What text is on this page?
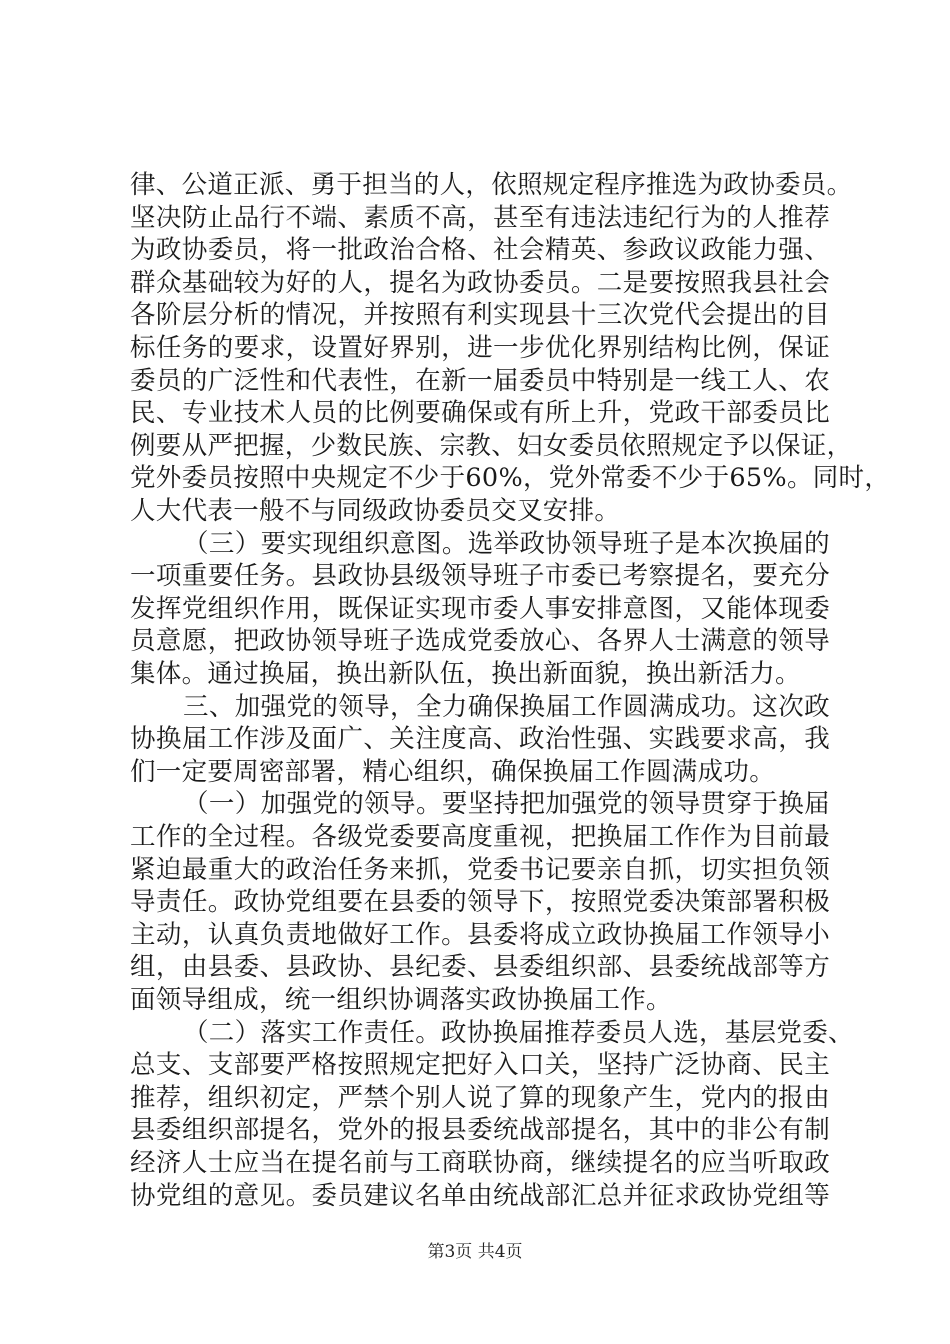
律、公道正派、勇于担当的人，依照规定程序推选为政协委员。
坚决防止品行不端、素质不高，甚至有违法违纪行为的人推荐
为政协委员，将一批政治合格、社会精英、参政议政能力强、
群众基础较为好的人，提名为政协委员。二是要按照我县社会
各阶层分析的情况，并按照有利实现县十三次党代会提出的目
标任务的要求，设置好界别，进一步优化界别结构比例，保证
委员的广泛性和代表性，在新一届委员中特别是一线工人、农
民、专业技术人员的比例要确保或有所上升，党政干部委员比
例要从严把握，少数民族、宗教、妇女委员依照规定予以保证，
党外委员按照中央规定不少于60%，党外常委不少于65%。同时，
人大代表一般不与同级政协委员交叉安排。
（三）要实现组织意图。选举政协领导班子是本次换届的
一项重要任务。县政协县级领导班子市委已考察提名，要充分
发挥党组织作用，既保证实现市委人事安排意图，又能体现委
员意愿，把政协领导班子选成党委放心、各界人士满意的领导
集体。通过换届，换出新队伍，换出新面貌，换出新活力。
三、加强党的领导，全力确保换届工作圆满成功。这次政
协换届工作涉及面广、关注度高、政治性强、实践要求高，我
们一定要周密部署，精心组织，确保换届工作圆满成功。
（一）加强党的领导。要坚持把加强党的领导贯穿于换届
工作的全过程。各级党委要高度重视，把换届工作作为目前最
紧迫最重大的政治任务来抓，党委书记要亲自抓，切实担负领
导责任。政协党组要在县委的领导下，按照党委决策部署积极
主动，认真负责地做好工作。县委将成立政协换届工作领导小
组，由县委、县政协、县纪委、县委组织部、县委统战部等方
面领导组成，统一组织协调落实政协换届工作。
（二）落实工作责任。政协换届推荐委员人选，基层党委、
总支、支部要严格按照规定把好入口关，坚持广泛协商、民主
推荐，组织初定，严禁个别人说了算的现象产生，党内的报由
县委组织部提名，党外的报县委统战部提名，其中的非公有制
经济人士应当在提名前与工商联协商，继续提名的应当听取政
协党组的意见。委员建议名单由统战部汇总并征求政协党组等
第3页 共4页
